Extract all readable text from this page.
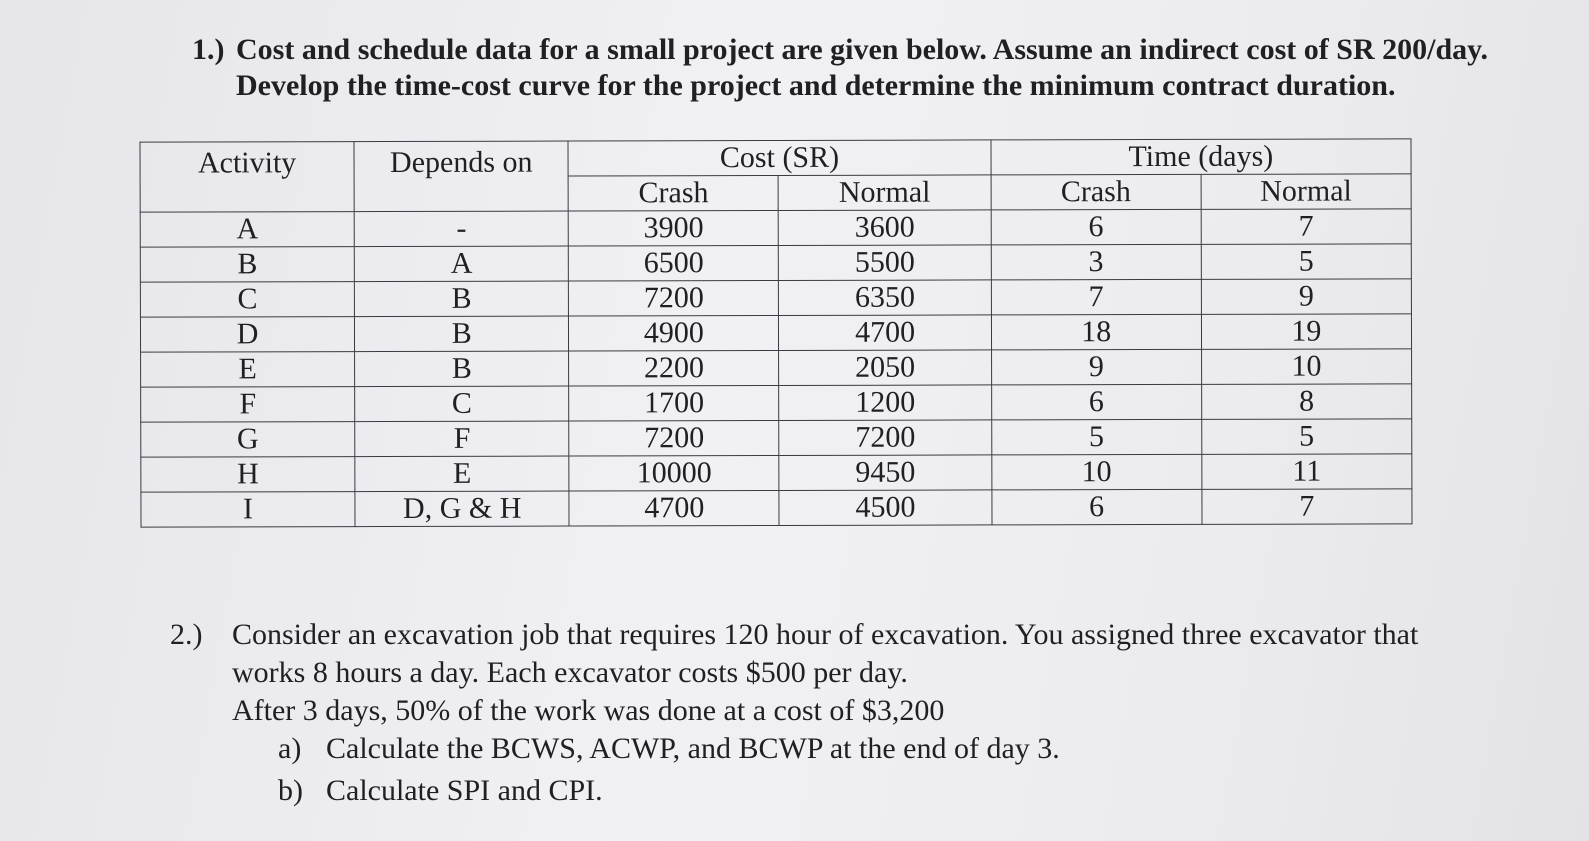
1.) Cost and schedule data for a small project are given below. Assume an indirect cost of SR 200/day.
Develop the time-cost curve for the project and determine the minimum contract duration.
Activity	Depends on	Cost (SR)		Time (days)	
		Crash	Normal	Crash	Normal
A	-	3900	3600	6	7
B	A	6500	5500	3	5
C	B	7200	6350	7	9
D	B	4900	4700	18	19
E	B	2200	2050	9	10
F	C	1700	1200	6	8
G	F	7200	7200	5	5
H	E	10000	9450	10	11
I	D, G & H	4700	4500	6	7
2.) Consider an excavation job that requires 120 hour of excavation. You assigned three excavator that
works 8 hours a day. Each excavator costs $500 per day.
After 3 days, 50% of the work was done at a cost of $3,200
a) Calculate the BCWS, ACWP, and BCWP at the end of day 3.
b) Calculate SPI and CPI.
